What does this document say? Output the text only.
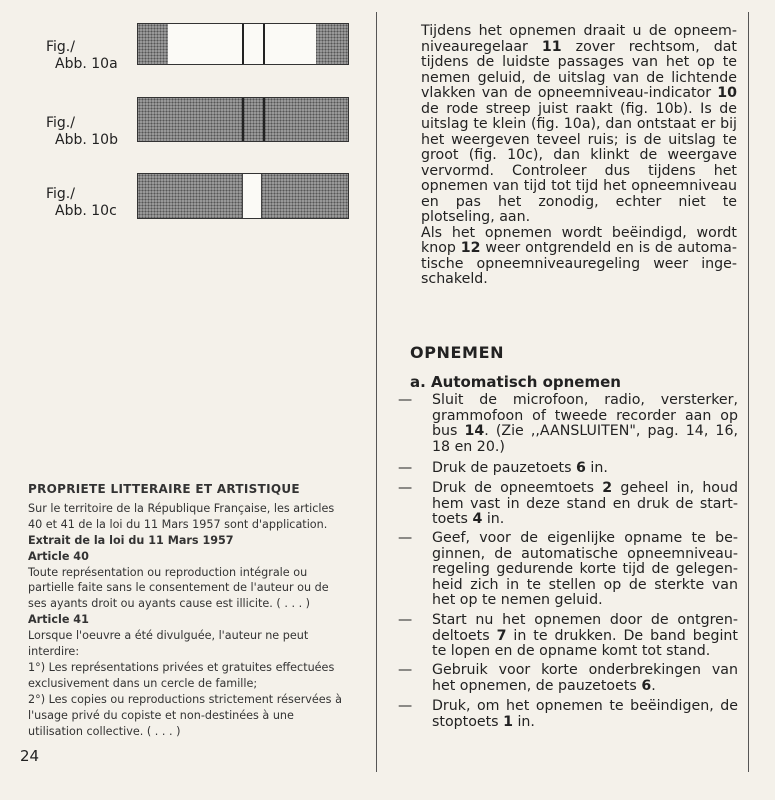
Fig./
Abb. 10a
Fig./
Abb. 10b
Fig./
Abb. 10c

Tijdens het opnemen draait u de opneemniveauregelaar 11 zover rechtsom, dat tijdens de luidste passages van het op te nemen geluid, de uitslag van de lichtende vlakken van de opneemniveau-indicator 10 de rode streep juist raakt (fig. 10b). Is de uitslag te klein (fig. 10a), dan ontstaat er bij het weergeven teveel ruis; is de uitslag te groot (fig. 10c), dan klinkt de weergave vervormd. Controleer dus tijdens het opnemen van tijd tot tijd het opneemniveau en pas het zonodig, echter niet te plotseling, aan.

Als het opnemen wordt beëindigd, wordt knop 12 weer ontgrendeld en is de automatische opneemniveauregeling weer ingeschakeld.

OPNEMEN
a. Automatisch opnemen
— Sluit de microfoon, radio, versterker, grammofoon of tweede recorder aan op bus 14. (Zie ,,AANSLUITEN", pag. 14, 16, 18 en 20.)
— Druk de pauzetoets 6 in.
— Druk de opneemtoets 2 geheel in, houd hem vast in deze stand en druk de starttoets 4 in.
— Geef, voor de eigenlijke opname te beginnen, de automatische opneemniveauregeling gedurende korte tijd de gelegenheid zich in te stellen op de sterkte van het op te nemen geluid.
— Start nu het opnemen door de ontgrendeltoets 7 in te drukken. De band begint te lopen en de opname komt tot stand.
— Gebruik voor korte onderbrekingen van het opnemen, de pauzetoets 6.
— Druk, om het opnemen te beëindigen, de stoptoets 1 in.
PROPRIETE LITTERAIRE ET ARTISTIQUE
Sur le territoire de la République Française, les articles 40 et 41 de la loi du 11 Mars 1957 sont d'application.
Extrait de la loi du 11 Mars 1957
Article 40
Toute représentation ou reproduction intégrale ou partielle faite sans le consentement de l'auteur ou de ses ayants droit ou ayants cause est illicite. ( . . . )
Article 41
Lorsque l'oeuvre a été divulguée, l'auteur ne peut interdire:
1°) Les représentations privées et gratuites effectuées exclusivement dans un cercle de famille;
2°) Les copies ou reproductions strictement réservées à l'usage privé du copiste et non-destinées à une utilisation collective. ( . . . )
24
